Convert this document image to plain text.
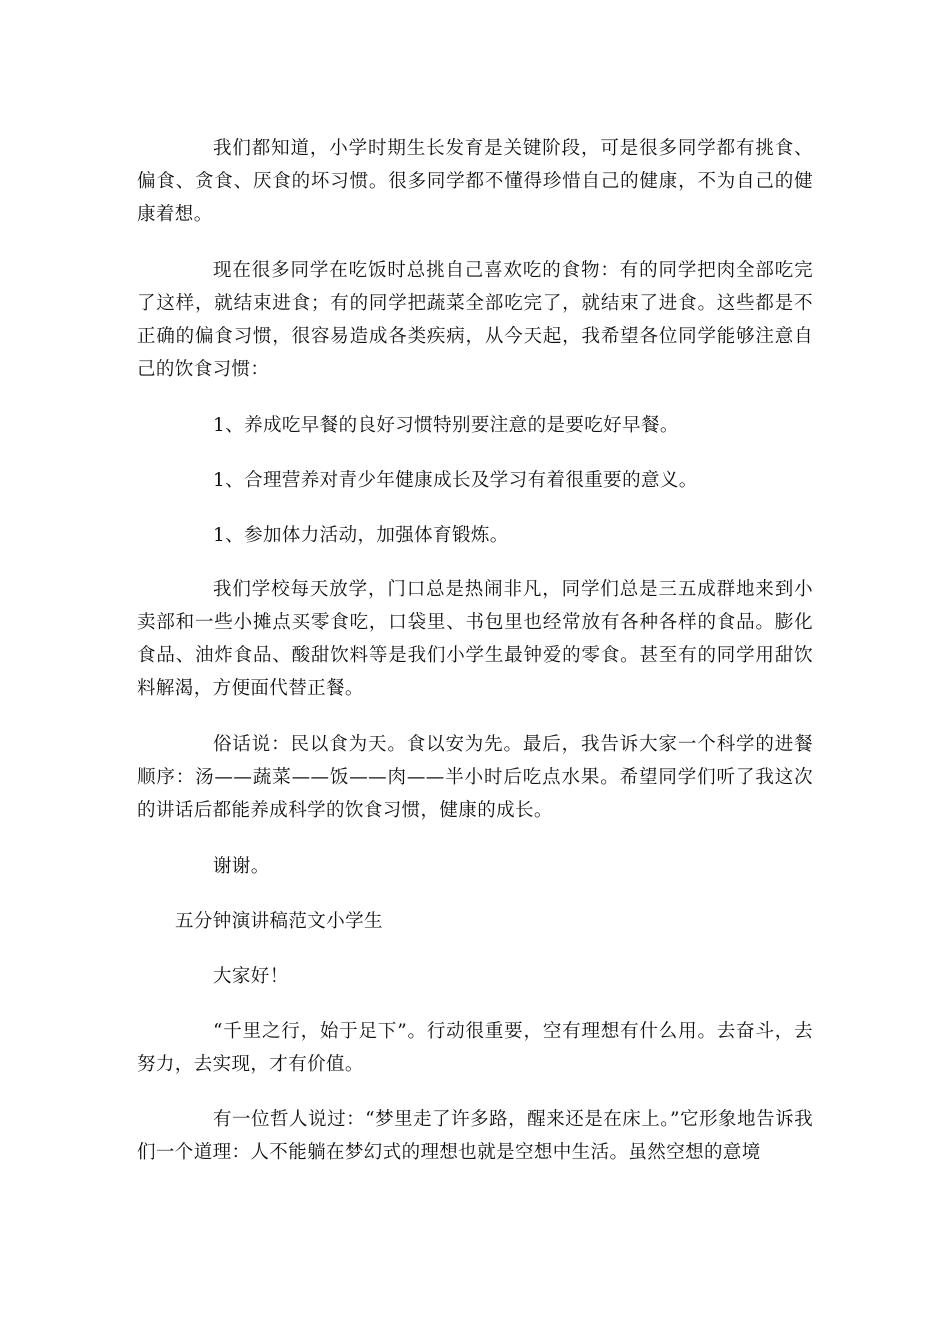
我们都知道，小学时期生长发育是关键阶段，可是很多同学都有挑食、偏食、贪食、厌食的坏习惯。很多同学都不懂得珍惜自己的健康，不为自己的健康着想。

现在很多同学在吃饭时总挑自己喜欢吃的食物：有的同学把肉全部吃完了这样，就结束进食；有的同学把蔬菜全部吃完了，就结束了进食。这些都是不正确的偏食习惯，很容易造成各类疾病，从今天起，我希望各位同学能够注意自己的饮食习惯：

1、养成吃早餐的良好习惯特别要注意的是要吃好早餐。

1、合理营养对青少年健康成长及学习有着很重要的意义。

1、参加体力活动，加强体育锻炼。

我们学校每天放学，门口总是热闹非凡，同学们总是三五成群地来到小卖部和一些小摊点买零食吃，口袋里、书包里也经常放有各种各样的食品。膨化食品、油炸食品、酸甜饮料等是我们小学生最钟爱的零食。甚至有的同学用甜饮料解渴，方便面代替正餐。

俗话说：民以食为天。食以安为先。最后，我告诉大家一个科学的进餐顺序：汤——蔬菜——饭——肉——半小时后吃点水果。希望同学们听了我这次的讲话后都能养成科学的饮食习惯，健康的成长。

谢谢。

五分钟演讲稿范文小学生

大家好！

“千里之行，始于足下”。行动很重要，空有理想有什么用。去奋斗，去努力，去实现，才有价值。

有一位哲人说过：“梦里走了许多路，醒来还是在床上。”它形象地告诉我们一个道理：人不能躺在梦幻式的理想也就是空想中生活。虽然空想的意境
